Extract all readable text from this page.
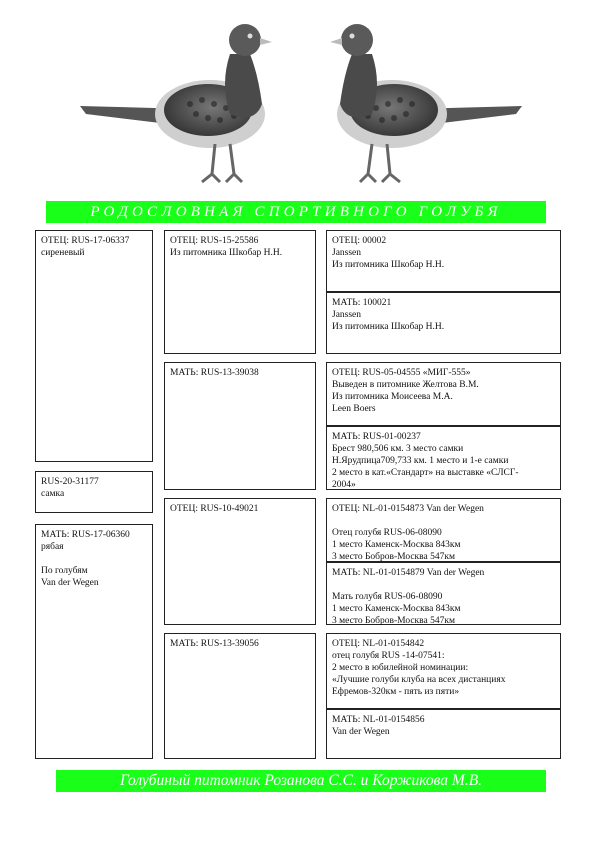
РОДОСЛОВНАЯ СПОРТИВНОГО ГОЛУБЯ
ОТЕЦ: RUS-17-06337
сиреневый
RUS-20-31177
самка
МАТЬ: RUS-17-06360
рябая
По голубям
Van der Wegen
ОТЕЦ: RUS-15-25586
Из питомника Шкобар Н.Н.
МАТЬ: RUS-13-39038
ОТЕЦ: RUS-10-49021
МАТЬ: RUS-13-39056
ОТЕЦ: 00002
Janssen
Из питомника Шкобар Н.Н.
МАТЬ: 100021
Janssen
Из питомника Шкобар Н.Н.
ОТЕЦ: RUS-05-04555 «МИГ-555»
Выведен в питомнике Желтова В.М.
Из питомника Моисеева М.А.
Leen Boers
МАТЬ: RUS-01-00237
Брест 980,506 км. 3 место самки
Н.Ярудпица709,733 км. 1 место и 1-е самки
2 место в кат.«Стандарт» на выставке «СЛСГ-
2004»
ОТЕЦ: NL-01-0154873 Van der Wegen
Отец голубя RUS-06-08090
1 место Каменск-Москва 843км
3 место Бобров-Москва 547км
МАТЬ: NL-01-0154879 Van der Wegen
Мать голубя RUS-06-08090
1 место Каменск-Москва 843км
3 место Бобров-Москва 547км
ОТЕЦ: NL-01-0154842
отец голубя RUS -14-07541:
2 место в юбилейной номинации:
«Лучшие голуби клуба на всех дистанциях
Ефремов-320км - пять из пяти»
МАТЬ: NL-01-0154856
Van der Wegen
Голубиный питомник Розанова С.С. и Коржикова М.В.
